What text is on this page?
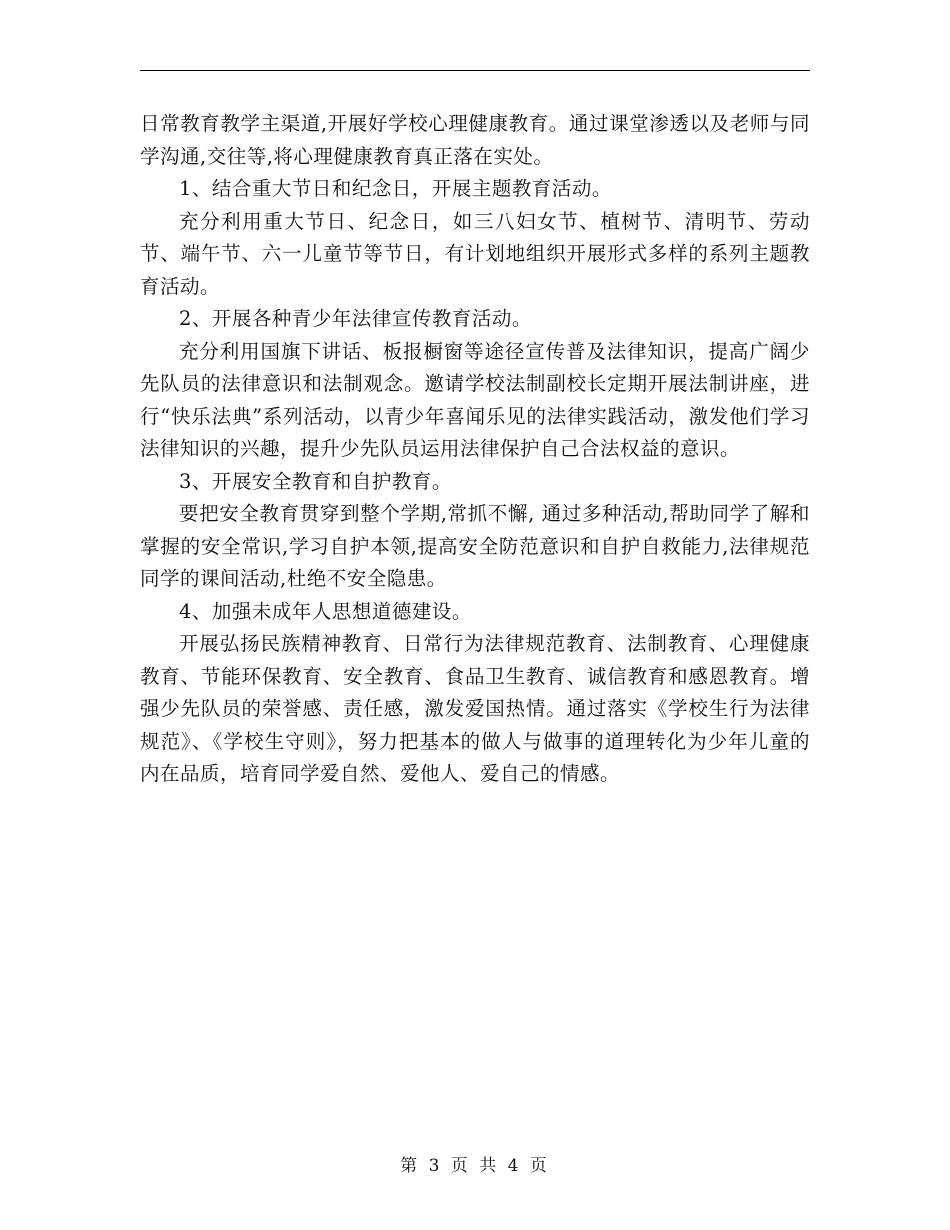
日常教育教学主渠道,开展好学校心理健康教育。通过课堂渗透以及老师与同学沟通,交往等,将心理健康教育真正落在实处。

1、结合重大节日和纪念日，开展主题教育活动。

充分利用重大节日、纪念日，如三八妇女节、植树节、清明节、劳动节、端午节、六一儿童节等节日，有计划地组织开展形式多样的系列主题教育活动。

2、开展各种青少年法律宣传教育活动。

充分利用国旗下讲话、板报橱窗等途径宣传普及法律知识，提高广阔少先队员的法律意识和法制观念。邀请学校法制副校长定期开展法制讲座，进行“快乐法典”系列活动，以青少年喜闻乐见的法律实践活动，激发他们学习法律知识的兴趣，提升少先队员运用法律保护自己合法权益的意识。

3、开展安全教育和自护教育。

要把安全教育贯穿到整个学期,常抓不懈, 通过多种活动,帮助同学了解和掌握的安全常识,学习自护本领,提高安全防范意识和自护自救能力,法律规范同学的课间活动,杜绝不安全隐患。

4、加强未成年人思想道德建设。

开展弘扬民族精神教育、日常行为法律规范教育、法制教育、心理健康教育、节能环保教育、安全教育、食品卫生教育、诚信教育和感恩教育。增强少先队员的荣誉感、责任感，激发爱国热情。通过落实《学校生行为法律规范》、《学校生守则》，努力把基本的做人与做事的道理转化为少年儿童的内在品质，培育同学爱自然、爱他人、爱自己的情感。

第 3 页 共 4 页
